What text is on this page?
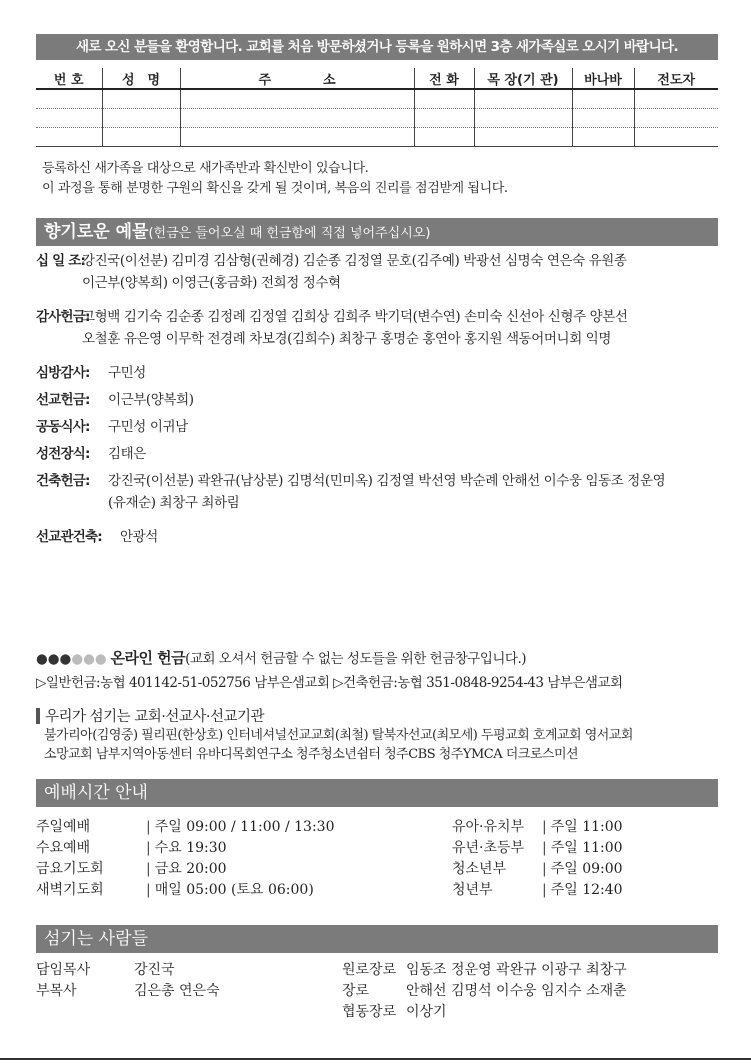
새로 오신 분들을 환영합니다. 교회를 처음 방문하셨거나 등록을 원하시면 3층 새가족실로 오시기 바랍니다.
번 호	성　명	주　　　　소	전 화	목 장(기 관)	바나바	전도자

등록하신 새가족을 대상으로 새가족반과 확신반이 있습니다.
이 과정을 통해 분명한 구원의 확신을 갖게 될 것이며, 복음의 진리를 점검받게 됩니다.
향기로운 예물(헌금은 들어오실 때 헌금함에 직접 넣어주십시오)
십 일 조:
강진국(이선분) 김미경 김삼형(권혜경) 김순종 김정열 문호(김주예) 박광선 심명숙 연은숙 유원종
이근부(양복희) 이영근(홍금화) 전희정 정수혁
감사헌금:
고형백 김기숙 김순종 김정례 김정열 김희상 김희주 박기덕(변수연) 손미숙 신선아 신형주 양본선
오철훈 유은영 이무학 전경례 차보경(김희수) 최창구 홍명순 홍연아 홍지원 색동어머니회 익명
심방감사:	구민성
선교헌금:	이근부(양복희)
공동식사:	구민성 이귀남
성전장식:	김태은
건축헌금:	강진국(이선분) 곽완규(남상분) 김명석(민미옥) 김정열 박선영 박순례 안해선 이수웅 임동조 정운영
(유재순) 최창구 최하림
선교관건축:	안광석
●●●●●● 온라인 헌금(교회 오셔서 헌금할 수 없는 성도들을 위한 헌금창구입니다.)
▷일반헌금:농협 401142-51-052756 남부은샘교회 ▷건축헌금:농협 351-0848-9254-43 남부은샘교회
우리가 섬기는 교회·선교사·선교기관
불가리아(김영중) 필리핀(한상호) 인터네셔널선교교회(최철) 탈북자선교(최모세) 두평교회 호계교회 영서교회
소망교회 남부지역아동센터 유바디목회연구소 청주청소년쉼터 청주CBS 청주YMCA 더크로스미션
예배시간 안내
주일예배	| 주일 09:00 / 11:00 / 13:30
수요예배	| 수요 19:30
금요기도회	| 금요 20:00
새벽기도회	| 매일 05:00 (토요 06:00)
유아·유치부	| 주일 11:00
유년·초등부	| 주일 11:00
청소년부	| 주일 09:00
청년부	| 주일 12:40
섬기는 사람들
담임목사	강진국
부목사	김은총 연은숙
원로장로 임동조 정운영 곽완규 이광구 최창구
장로	안해선 김명석 이수웅 임지수 소재춘
협동장로 이상기
